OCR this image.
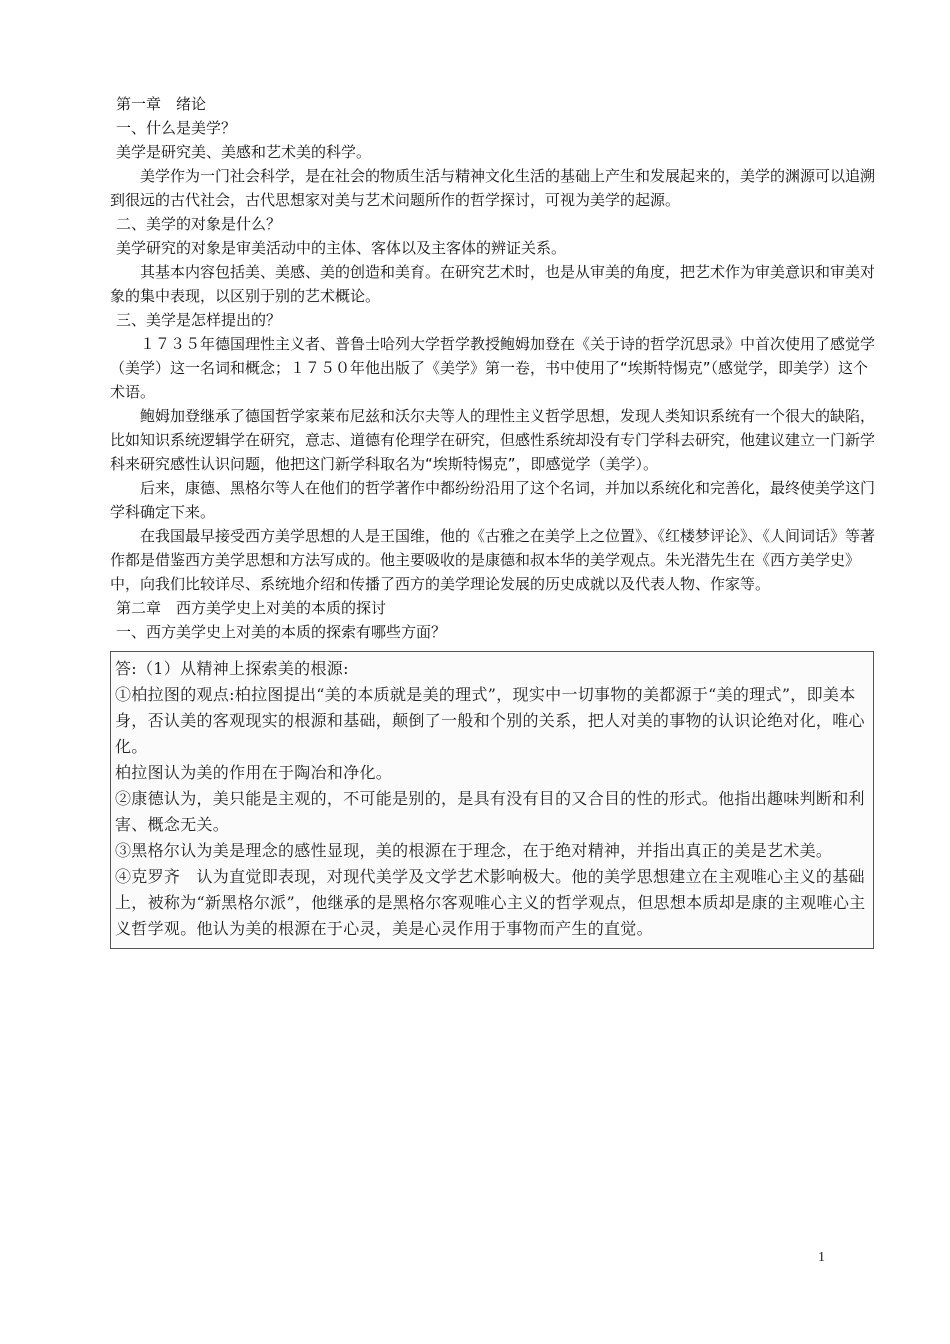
第一章　绪论

一、什么是美学？

美学是研究美、美感和艺术美的科学。

美学作为一门社会科学，是在社会的物质生活与精神文化生活的基础上产生和发展起来的，美学的渊源可以追溯到很远的古代社会，古代思想家对美与艺术问题所作的哲学探讨，可视为美学的起源。

二、美学的对象是什么？

美学研究的对象是审美活动中的主体、客体以及主客体的辨证关系。

其基本内容包括美、美感、美的创造和美育。在研究艺术时，也是从审美的角度，把艺术作为审美意识和审美对象的集中表现，以区别于别的艺术概论。

三、美学是怎样提出的？

１７３５年德国理性主义者、普鲁士哈列大学哲学教授鲍姆加登在《关于诗的哲学沉思录》中首次使用了感觉学（美学）这一名词和概念；１７５０年他出版了《美学》第一卷，书中使用了“埃斯特惕克”（感觉学，即美学）这个术语。

鲍姆加登继承了德国哲学家莱布尼兹和沃尔夫等人的理性主义哲学思想，发现人类知识系统有一个很大的缺陷，比如知识系统逻辑学在研究，意志、道德有伦理学在研究，但感性系统却没有专门学科去研究，他建议建立一门新学科来研究感性认识问题，他把这门新学科取名为“埃斯特惕克”，即感觉学（美学）。

后来，康德、黑格尔等人在他们的哲学著作中都纷纷沿用了这个名词，并加以系统化和完善化，最终使美学这门学科确定下来。

在我国最早接受西方美学思想的人是王国维，他的《古雅之在美学上之位置》、《红楼梦评论》、《人间词话》等著作都是借鉴西方美学思想和方法写成的。他主要吸收的是康德和叔本华的美学观点。朱光潜先生在《西方美学史》中，向我们比较详尽、系统地介绍和传播了西方的美学理论发展的历史成就以及代表人物、作家等。

第二章　西方美学史上对美的本质的探讨

一、西方美学史上对美的本质的探索有哪些方面？

答:（1）从精神上探索美的根源:

①柏拉图的观点:柏拉图提出“美的本质就是美的理式”，现实中一切事物的美都源于“美的理式”，即美本身，否认美的客观现实的根源和基础，颠倒了一般和个别的关系，把人对美的事物的认识论绝对化，唯心化。

柏拉图认为美的作用在于陶冶和净化。

②康德认为，美只能是主观的，不可能是别的，是具有没有目的又合目的性的形式。他指出趣味判断和利害、概念无关。

③黑格尔认为美是理念的感性显现，美的根源在于理念，在于绝对精神，并指出真正的美是艺术美。

④克罗齐　认为直觉即表现，对现代美学及文学艺术影响极大。他的美学思想建立在主观唯心主义的基础上，被称为“新黑格尔派”，他继承的是黑格尔客观唯心主义的哲学观点，但思想本质却是康的主观唯心主义哲学观。他认为美的根源在于心灵，美是心灵作用于事物而产生的直觉。

1
